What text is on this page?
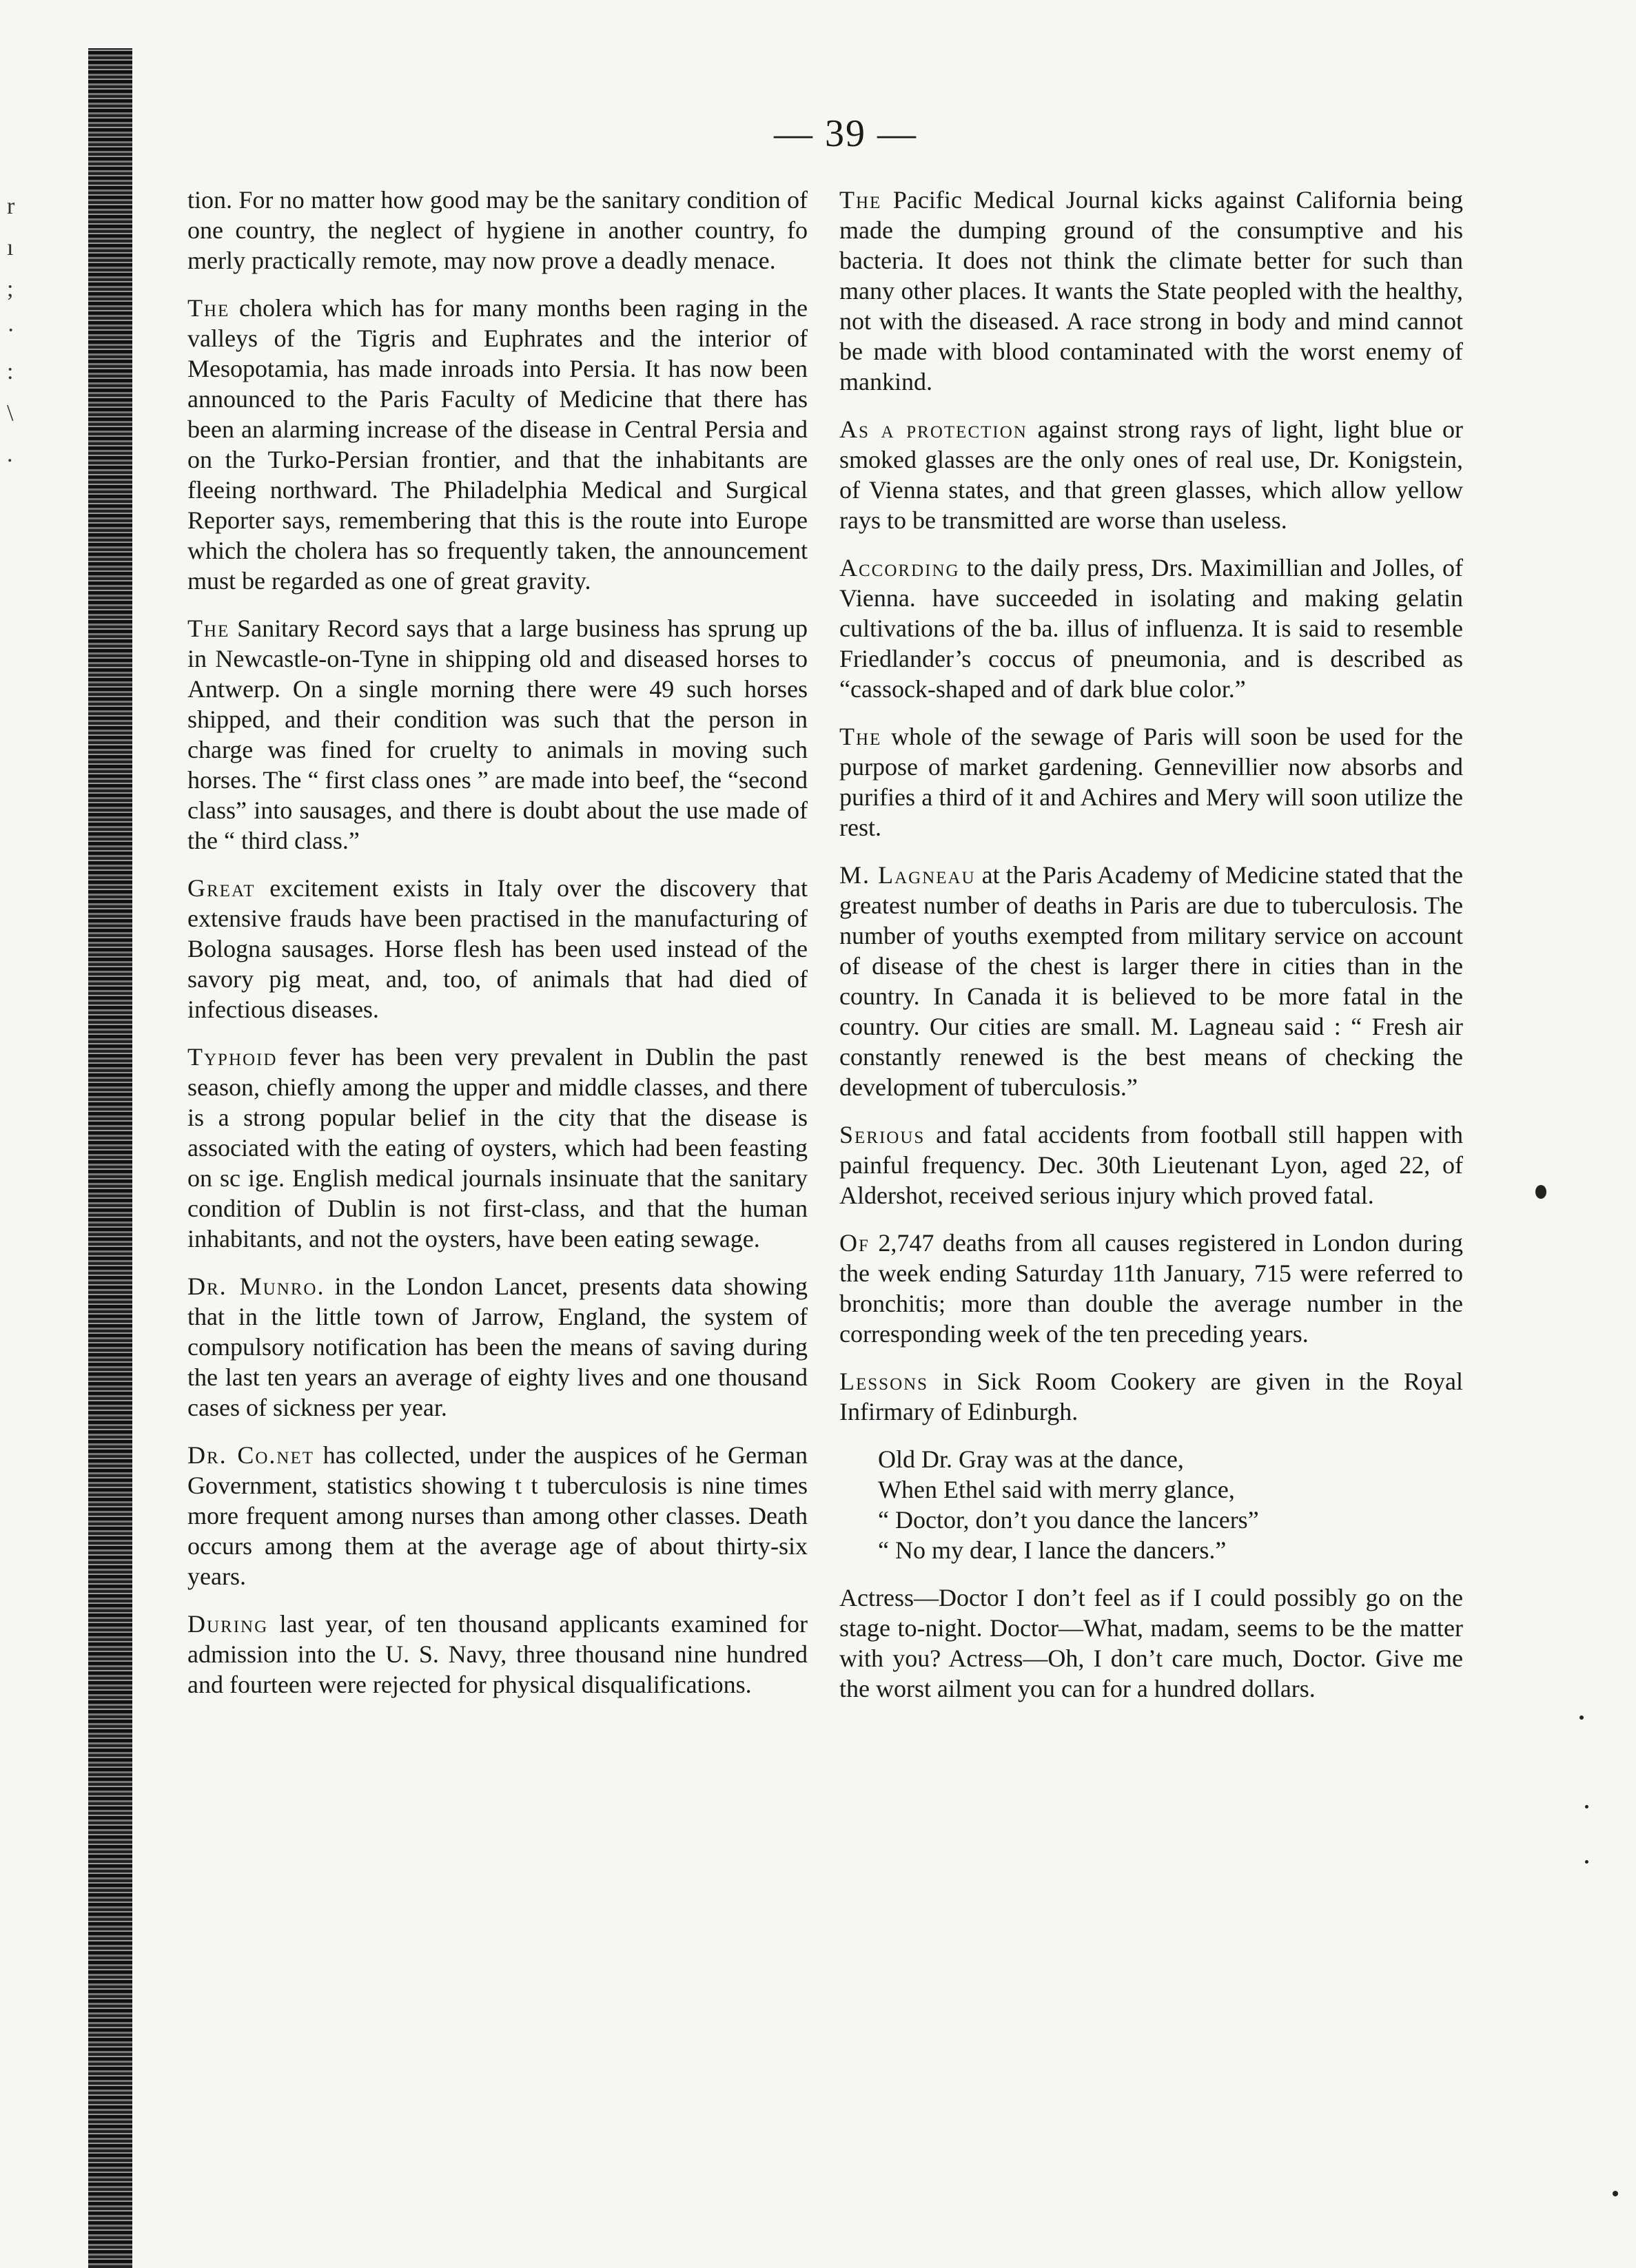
r
ı
;
·
:
\
.
— 39 —

tion. For no matter how good may be the sanitary condition of one country, the neglect of hygiene in another country, fo merly practically remote, may now prove a deadly menace.

The cholera which has for many months been raging in the valleys of the Tigris and Euphrates and the interior of Mesopotamia, has made inroads into Persia. It has now been announced to the Paris Faculty of Medicine that there has been an alarming increase of the disease in Central Persia and on the Turko-Persian frontier, and that the inhabitants are fleeing northward. The Philadelphia Medical and Surgical Reporter says, remembering that this is the route into Europe which the cholera has so frequently taken, the announcement must be regarded as one of great gravity.

The Sanitary Record says that a large business has sprung up in Newcastle-on-Tyne in shipping old and diseased horses to Antwerp. On a single morning there were 49 such horses shipped, and their condition was such that the person in charge was fined for cruelty to animals in moving such horses. The “ first class ones ” are made into beef, the “second class” into sausages, and there is doubt about the use made of the “ third class.”

Great excitement exists in Italy over the discovery that extensive frauds have been practised in the manufacturing of Bologna sausages. Horse flesh has been used instead of the savory pig meat, and, too, of animals that had died of infectious diseases.

Typhoid fever has been very prevalent in Dublin the past season, chiefly among the upper and middle classes, and there is a strong popular belief in the city that the disease is associated with the eating of oysters, which had been feasting on sc ige. English medical journals insinuate that the sanitary condition of Dublin is not first-class, and that the human inhabitants, and not the oysters, have been eating sewage.

Dr. Munro. in the London Lancet, presents data showing that in the little town of Jarrow, England, the system of compulsory notification has been the means of saving during the last ten years an average of eighty lives and one thousand cases of sickness per year.

Dr. Co.net has collected, under the auspices of he German Government, statistics showing t t tuberculosis is nine times more frequent among nurses than among other classes. Death occurs among them at the average age of about thirty-six years.

During last year, of ten thousand applicants examined for admission into the U. S. Navy, three thousand nine hundred and fourteen were rejected for physical disqualifications.

The Pacific Medical Journal kicks against California being made the dumping ground of the consumptive and his bacteria. It does not think the climate better for such than many other places. It wants the State peopled with the healthy, not with the diseased. A race strong in body and mind cannot be made with blood contaminated with the worst enemy of mankind.

As a protection against strong rays of light, light blue or smoked glasses are the only ones of real use, Dr. Konigstein, of Vienna states, and that green glasses, which allow yellow rays to be transmitted are worse than useless.

According to the daily press, Drs. Maximillian and Jolles, of Vienna. have succeeded in isolating and making gelatin cultivations of the ba. illus of influenza. It is said to resemble Friedlander’s coccus of pneumonia, and is described as “cassock-shaped and of dark blue color.”

The whole of the sewage of Paris will soon be used for the purpose of market gardening. Gennevillier now absorbs and purifies a third of it and Achires and Mery will soon utilize the rest.

M. Lagneau at the Paris Academy of Medicine stated that the greatest number of deaths in Paris are due to tuberculosis. The number of youths exempted from military service on account of disease of the chest is larger there in cities than in the country. In Canada it is believed to be more fatal in the country. Our cities are small. M. Lagneau said : “ Fresh air constantly renewed is the best means of checking the development of tuberculosis.”

Serious and fatal accidents from football still happen with painful frequency. Dec. 30th Lieutenant Lyon, aged 22, of Aldershot, received serious injury which proved fatal.

Of 2,747 deaths from all causes registered in London during the week ending Saturday 11th January, 715 were referred to bronchitis; more than double the average number in the corresponding week of the ten preceding years.

Lessons in Sick Room Cookery are given in the Royal Infirmary of Edinburgh.

Old Dr. Gray was at the dance,
When Ethel said with merry glance,
“ Doctor, don’t you dance the lancers”
“ No my dear, I lance the dancers.”

Actress—Doctor I don’t feel as if I could possibly go on the stage to-night. Doctor—What, madam, seems to be the matter with you? Actress—Oh, I don’t care much, Doctor. Give me the worst ailment you can for a hundred dollars.
